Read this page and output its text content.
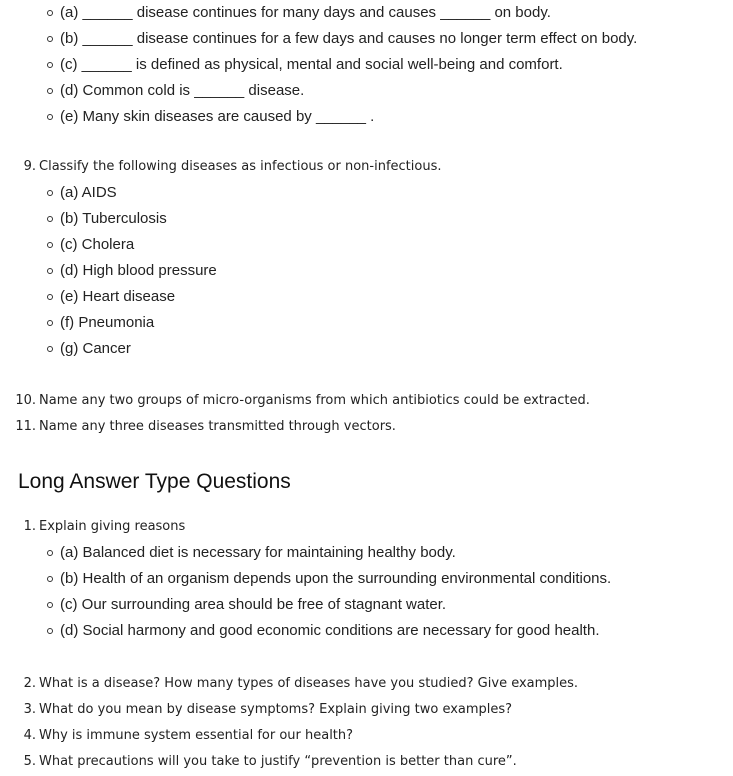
(a) ______ disease continues for many days and causes ______ on body.
(b) ______ disease continues for a few days and causes no longer term effect on body.
(c) ______ is defined as physical, mental and social well-being and comfort.
(d) Common cold is ______ disease.
(e) Many skin diseases are caused by ______ .
9. Classify the following diseases as infectious or non-infectious.
(a) AIDS
(b) Tuberculosis
(c) Cholera
(d) High blood pressure
(e) Heart disease
(f) Pneumonia
(g) Cancer
10. Name any two groups of micro-organisms from which antibiotics could be extracted.
11. Name any three diseases transmitted through vectors.
Long Answer Type Questions
1. Explain giving reasons
(a) Balanced diet is necessary for maintaining healthy body.
(b) Health of an organism depends upon the surrounding environmental conditions.
(c) Our surrounding area should be free of stagnant water.
(d) Social harmony and good economic conditions are necessary for good health.
2. What is a disease? How many types of diseases have you studied? Give examples.
3. What do you mean by disease symptoms? Explain giving two examples?
4. Why is immune system essential for our health?
5. What precautions will you take to justify “prevention is better than cure”.
